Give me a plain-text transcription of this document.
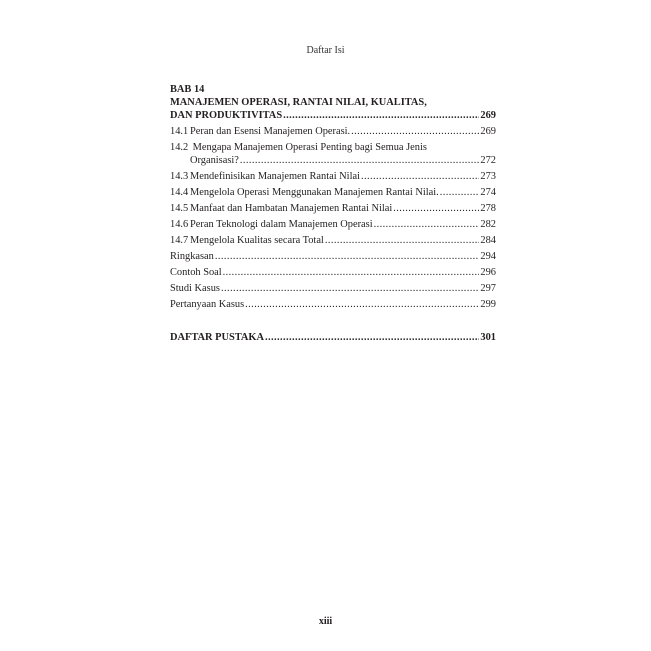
Daftar Isi
BAB 14
MANAJEMEN OPERASI, RANTAI NILAI, KUALITAS,
DAN PRODUKTIVITAS .....	269
14.1 Peran dan Esensi Manajemen Operasi. .....	269
14.2 Mengapa Manajemen Operasi Penting bagi Semua Jenis
Organisasi? .....	272
14.3 Mendefinisikan Manajemen Rantai Nilai .....	273
14.4 Mengelola Operasi Menggunakan Manajemen Rantai Nilai. .....	274
14.5 Manfaat dan Hambatan Manajemen Rantai Nilai .....	278
14.6 Peran Teknologi dalam Manajemen Operasi .....	282
14.7 Mengelola Kualitas secara Total .....	284
Ringkasan .....	294
Contoh Soal .....	296
Studi Kasus .....	297
Pertanyaan Kasus .....	299
DAFTAR PUSTAKA .....	301
xiii
